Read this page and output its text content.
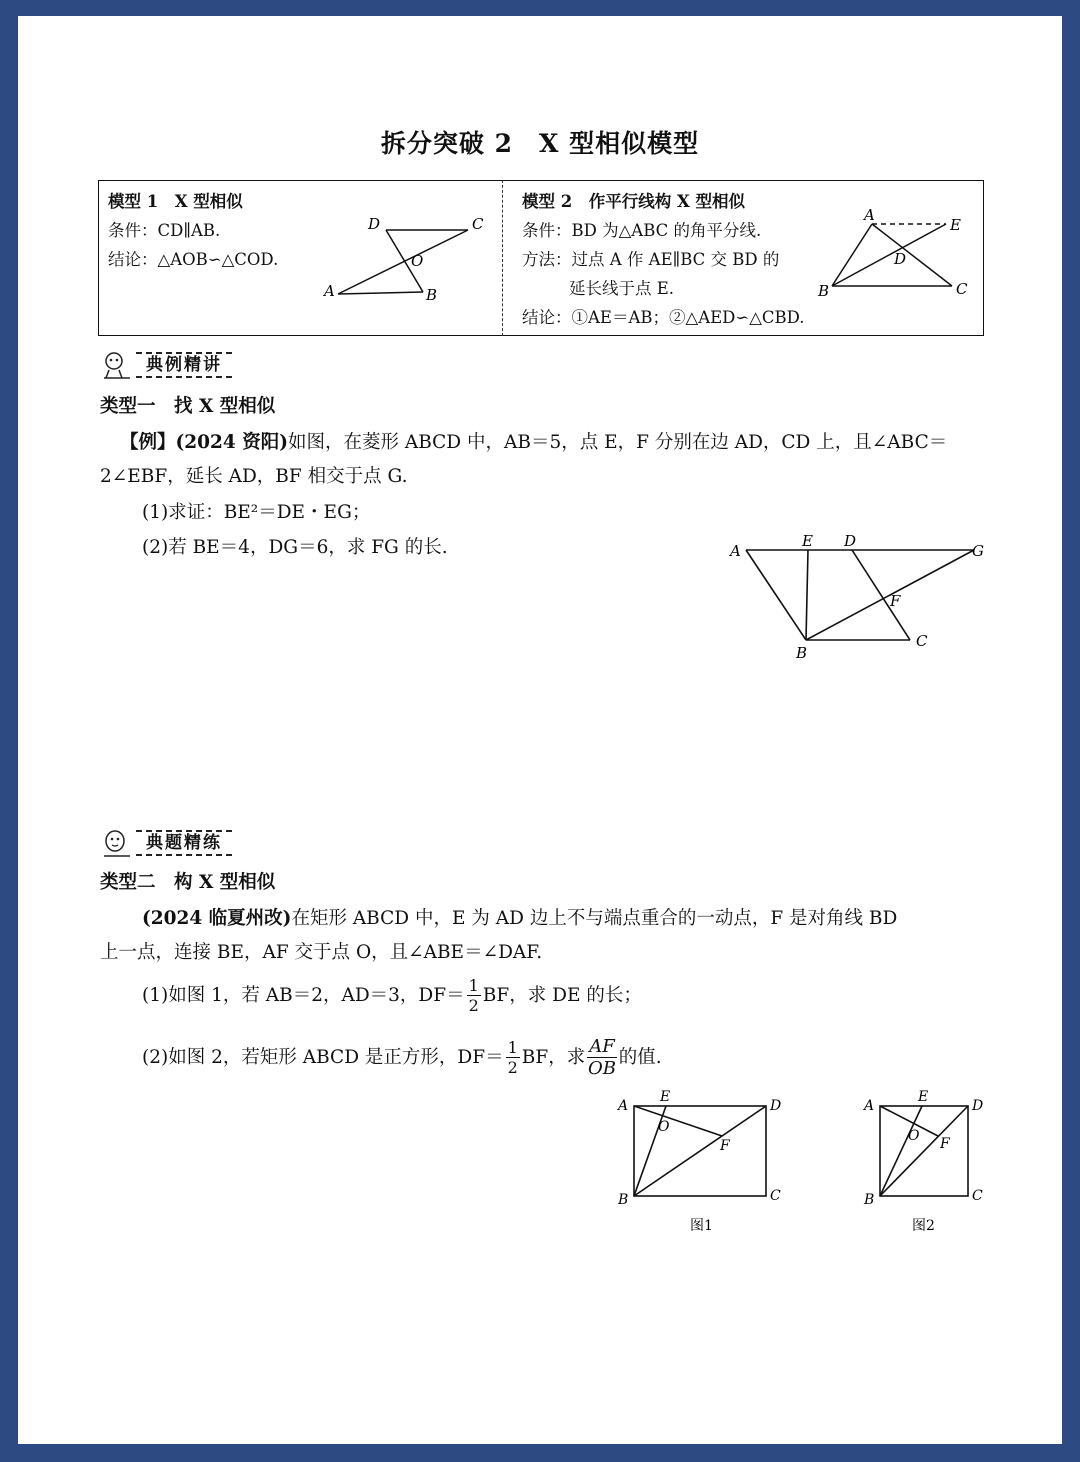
拆分突破 2　X 型相似模型
模型 1　X 型相似
条件：CD∥AB.
结论：△AOB∽△COD.
D	C
O
A	B
模型 2　作平行线构 X 型相似
条件：BD 为△ABC 的角平分线.
方法：过点 A 作 AE∥BC 交 BD 的
延长线于点 E.
结论：①AE＝AB；②△AED∽△CBD.
A
E
D
B	C
典例精讲
类型一　找 X 型相似
【例】(2024 资阳)如图，在菱形 ABCD 中，AB＝5，点 E，F 分别在边 AD，CD 上，且∠ABC＝
2∠EBF，延长 AD，BF 相交于点 G.
(1)求证：BE²＝DE・EG；
(2)若 BE＝4，DG＝6，求 FG 的长.	A
E D
G
F
B
C
典题精练
类型二　构 X 型相似
(2024 临夏州改)在矩形 ABCD 中，E 为 AD 边上不与端点重合的一动点，F 是对角线 BD
上一点，连接 BE，AF 交于点 O，且∠ABE＝∠DAF.
(1)如图 1，若 AB＝2，AD＝3，$DF= \frac{1}{2}$ BF，求 DE 的长；
(2)如图 2，若矩形 ABCD 是正方形，$DF= \frac{1}{2}$ BF，求 $\frac{AF}{OB}$ 的值.
A
E
D
O
F
B	C
图1
A
E
D
O F
B	C
图2
